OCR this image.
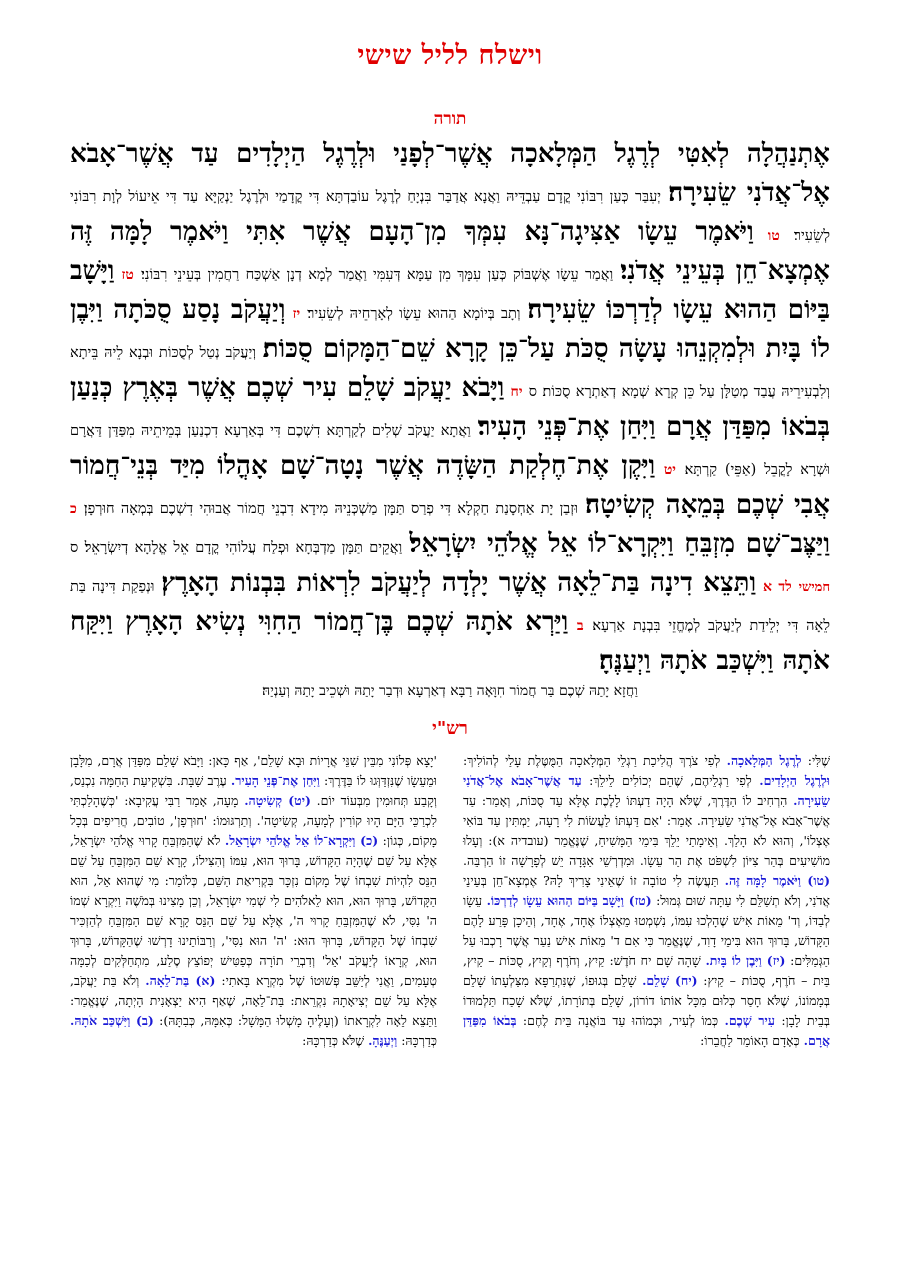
וישלח לליל שישי
תורה
אֶתְנַהֲלָה לְאִטִּי לְרֶגֶל הַמְּלָאכָה אֲשֶׁר־לְפָנַי וּלְרֶגֶל הַיְלָדִים עַד אֲשֶׁר־אָבֹא אֶל־אֲדֹנִי שֵׂעִירָה׃ יְעִבַּר כְּעַן רִבּוֹנִי קֳדָם עַבְדֵּיהּ וַאֲנָא אֲדַבַּר בִּנְיָחַ לְרֶגֶל עוֹבַדְתָּא דִּי קֳדָמַי וּלְרֶגֶל יַנְקַיָּא עַד דִּי אֵיעוֹל לְוָת רִבּוֹנִי לְשֵׂעִיר׃ טו וַיֹּאמֶר עֵשָׂו אַצִּיגָה־נָּא עִמְּךָ מִן־הָעָם אֲשֶׁר אִתִּי וַיֹּאמֶר לָמָּה זֶּה אֶמְצָא־חֵן בְּעֵינֵי אֲדֹנִי׃ וַאֲמַר עֵשָׂו אֶשְׁבּוֹק כְּעַן עִמָּךְ מִן עַמָּא דְּעִמִּי וַאֲמַר לְמָא דְנָן אַשְׁכַּח רַחֲמִין בְּעֵינֵי רִבּוֹנִי׃ טז וַיָּשָׁב בַּיּוֹם הַהוּא עֵשָׂו לְדַרְכּוֹ שֵׂעִירָה׃ וְתָב בְּיוֹמָא הַהוּא עֵשָׂו לְאָרְחֵיהּ לְשֵׂעִיר׃ יז וְיַעֲקֹב נָסַע סֻכֹּתָה וַיִּבֶן לוֹ בָּיִת וּלְמִקְנֵהוּ עָשָׂה סֻכֹּת עַל־כֵּן קָרָא שֵׁם־הַמָּקוֹם סֻכּוֹת׃ וְיַעֲקֹב נְטַל לְסֻכּוֹת וּבְנָא לֵיהּ בֵּיתָא וְלִבְעִירֵיהּ עֲבַד מְטַלָּן עַל כֵּן קְרָא שְׁמָא דְאַתְרָא סֻכּוֹת׃ ס יח וַיָּבֹא יַעֲקֹב שָׁלֵם עִיר שְׁכֶם אֲשֶׁר בְּאֶרֶץ כְּנַעַן בְּבֹאוֹ מִפַּדַּן אֲרָם וַיִּחַן אֶת־פְּנֵי הָעִיר׃ וַאֲתָא יַעֲקֹב שְׁלִים לְקַרְתָּא דִשְׁכֶם דִּי בְּאַרְעָא דִכְנַעַן בְּמֵיתֵיהּ מִפַּדַּן דַּאֲרָם וּשְׁרָא לָקֳבֵל (אַפֵּי) קַרְתָּא׃ יט וַיִּקֶן אֶת־חֶלְקַת הַשָּׂדֶה אֲשֶׁר נָטָה־שָׁם אָהֳלוֹ מִיַּד בְּנֵי־חֲמוֹר אֲבִי שְׁכֶם בְּמֵאָה קְשִׂיטָה׃ וּזְבַן יָת אַחְסָנַת חַקְלָא דִּי פְרַס תַּמָּן מַשְׁכְּנֵיהּ מִידָא דִבְנֵי חֲמוֹר אֲבוּהִי דִשְׁכֶם בְּמְאָה חוּרְפָן׃ כ וַיַּצֶּב־שָׁם מִזְבֵּחַ וַיִּקְרָא־לוֹ אֵל אֱלֹהֵי יִשְׂרָאֵל׃ וַאֲקֵים תַּמָּן מַדְבְּחָא וּפְלַח עֲלוֹהִי קֳדָם אֵל אֱלָהָא דְיִשְׂרָאֵל׃ ס חמישי לד א וַתֵּצֵא דִינָה בַּת־לֵאָה אֲשֶׁר יָלְדָה לְיַעֲקֹב לִרְאוֹת בִּבְנוֹת הָאָרֶץ׃ וּנְפַקַת דִּינָה בַּת לֵאָה דִּי יְלֵידַת לְיַעֲקֹב לְמֶחֱזֵי בִּבְנָת אַרְעָא׃ ב וַיַּרְא אֹתָהּ שְׁכֶם בֶּן־חֲמוֹר הַחִוִּי נְשִׂיא הָאָרֶץ וַיִּקַּח אֹתָהּ וַיִּשְׁכַּב אֹתָהּ וַיְעַנֶּהָ׃
וַחֲזָא יָתַהּ שְׁכֶם בַּר חֲמוֹר חִוָּאָה רַבָּא דְאַרְעָא וּדְבַר יָתַהּ וּשְׁכֵיב יָתַהּ וְעַנְיַהּ׃
רש"י
שֶׁלִּי: לְרֶגֶל הַמְּלָאכָה. לְפִי צֹרֶךְ הֲלִיכַת רַגְלֵי הַמְּלָאכָה הַמֻּטֶּלֶת עָלַי לְהוֹלִיךְ: וּלְרֶגֶל הַיְלָדִים. לְפִי רַגְלֵיהֶם, שֶׁהֵם יְכוֹלִים לֵילֵךְ: עַד אֲשֶׁר־אָבֹא אֶל־אֲדֹנִי שֵׂעִירָה. הִרְחִיב לוֹ הַדֶּרֶךְ, שֶׁלֹּא הָיָה דַעְתּוֹ לָלֶכֶת אֶלָּא עַד סֻכּוֹת, וְאָמַר: עַד אֲשֶׁר־אָבֹא אֶל־אֲדֹנִי שֵׂעִירָה. אָמַר: 'אִם דַּעְתּוֹ לַעֲשׂוֹת לִי רָעָה, יַמְתִּין עַד בּוֹאִי אֶצְלוֹ', וְהוּא לֹא הָלַךְ. וְאֵימָתַי יֵלֵךְ בִּימֵי הַמָּשִׁיחַ, שֶׁנֶּאֱמַר (עובדיה א): וְעָלוּ מוֹשִׁיעִים בְּהַר צִיּוֹן לִשְׁפֹּט אֶת הַר עֵשָׂו. וּמִדְרְשֵׁי אַגָּדָה יֵשׁ לְפָרָשָׁה זוֹ הַרְבֵּה. (טו) וַיֹּאמֶר לָמָּה זֶּה. תַּעֲשֶׂה לִי טוֹבָה זוֹ שֶׁאֵינִי צָרִיךְ לָהּ? אֶמְצָא־חֵן בְּעֵינֵי אֲדֹנִי, וְלֹא תְשַׁלֵּם לִי עַתָּה שׁוּם גְּמוּל: (טז) וַיָּשָׁב בַּיּוֹם הַהוּא עֵשָׂו לְדַרְכּוֹ. עֵשָׂו לְבַדּוֹ, וְד' מֵאוֹת אִישׁ שֶׁהָלְכוּ עִמּוֹ, נִשְׁמְטוּ מֵאֶצְלוֹ אֶחָד, אֶחָד, וְהֵיכָן פָּרַע לָהֶם הַקָּדוֹשׁ, בָּרוּךְ הוּא בִּימֵי דָוִד, שֶׁנֶּאֱמַר כִּי אִם ד' מֵאוֹת אִישׁ נַעַר אֲשֶׁר רָכְבוּ עַל הַגְּמַלִּים: (יז) וַיִּבֶן לוֹ בָּיִת. שָׁהָה שָׁם יח חֹדֶשׁ: קַיִץ, וְחֹרֶף וְקַיִץ, סֻכּוֹת – קַיִץ, בַּיִת – חֹרֶף, סֻכּוֹת – קַיִץ: (יח) שָׁלֵם. שָׁלֵם בְּגוּפוֹ, שֶׁנִּתְרַפָּא מִצַּלְעָתוֹ שָׁלֵם בְּמָמוֹנוֹ, שֶׁלֹּא חָסַר כְּלוּם מִכָּל אוֹתוֹ דוֹרוֹן, שָׁלֵם בְּתוֹרָתוֹ, שֶׁלֹּא שָׁכַח תַּלְמוּדוֹ בְּבֵית לָבָן: עִיר שְׁכֶם. כְּמוֹ לְעִיר, וּכְמוֹהוּ עַד בּוֹאֲנָה בֵּית לֶחֶם: בְּבֹאוֹ מִפַּדַּן אֲרָם. כְּאָדָם הָאוֹמֵר לַחֲבֵרוֹ:
'יָצָא פְּלוֹנִי מִבֵּין שִׁנֵּי אֲרָיוֹת וּבָא שָׁלֵם', אַף כָּאן: וַיָּבֹא שָׁלֵם מִפַּדַּן אֲרָם, מִלָּבָן וּמֵעֵשָׂו שֶׁנִּזְדַּוְּגוּ לוֹ בַּדֶּרֶךְ: וַיִּחַן אֶת־פְּנֵי הָעִיר. עֶרֶב שַׁבָּת. בִּשְׁקִיעַת הַחַמָּה נִכְנַס, וְקָבַע תְּחוּמִין מִבְּעוֹד יוֹם. (יט) קְשִׂיטָה. מָעָה, אָמַר רַבִּי עֲקִיבָא: 'כְּשֶׁהָלַכְתִּי לִכְרַכֵּי הַיָּם הָיוּ קוֹרִין לְמָעָה, קְשִׂיטָה'. וְתַרְגּוּמוֹ: 'חוּרְפָן', טוֹבִים, חֲרִיפִים בְּכָל מָקוֹם, כְּגוֹן: (כ) וַיִּקְרָא־לוֹ אֵל אֱלֹהֵי יִשְׂרָאֵל. לֹא שֶׁהַמִּזְבֵּחַ קָרוּי אֱלֹהֵי יִשְׂרָאֵל, אֶלָּא עַל שֵׁם שֶׁהָיָה הַקָּדוֹשׁ, בָּרוּךְ הוּא, עִמּוֹ וְהִצִּילוֹ, קָרָא שֵׁם הַמִּזְבֵּחַ עַל שֵׁם הַנֵּס לִהְיוֹת שִׁבְחוֹ שֶׁל מָקוֹם נִזְכָּר בִּקְרִיאַת הַשֵּׁם, כְּלוֹמַר: מִי שֶׁהוּא אֵל, הוּא הַקָּדוֹשׁ, בָּרוּךְ הוּא, הוּא לֵאלֹהִים לִי שְׁמִי יִשְׂרָאֵל, וְכֵן מָצִינוּ בְּמֹשֶׁה וַיִּקְרָא שְׁמוֹ ה' נִסִּי, לֹא שֶׁהַמִּזְבֵּחַ קָרוּי ה', אֶלָּא עַל שֵׁם הַנֵּס קָרָא שֵׁם הַמִּזְבֵּחַ לְהַזְכִּיר שִׁבְחוֹ שֶׁל הַקָּדוֹשׁ, בָּרוּךְ הוּא: 'ה' הוּא נִסִּי', וְרַבּוֹתֵינוּ דָרְשׁוּ שֶׁהַקָּדוֹשׁ, בָּרוּךְ הוּא, קְרָאוֹ לְיַעֲקֹב 'אֵל' וְדִבְרֵי תוֹרָה כְּפַטִּישׁ יְפוֹצֵץ סֶלַע, מִתְחַלְּקִים לְכַמָּה טְעָמִים, וַאֲנִי לְיַשֵּׁב פְּשׁוּטוֹ שֶׁל מִקְרָא בָּאתִי: (א) בַּת־לֵאָה. וְלֹא בַּת יַעֲקֹב, אֶלָּא עַל שֵׁם יְצִיאָתָהּ נִקְרֵאת: בַּת־לֵאָה, שֶׁאַף הִיא יַצְאָנִית הָיְתָה, שֶׁנֶּאֱמַר: וַתֵּצֵא לֵאָה לִקְרָאתוֹ (וְעָלֶיהָ מָשְׁלוּ הַמָּשָׁל: כְּאִמָּהּ, כְּבִתָּהּ): (ב) וַיִּשְׁכַּב אֹתָהּ. כְּדַרְכָּהּ: וַיְעַנֶּהָ. שֶׁלֹּא כְּדַרְכָּהּ:
